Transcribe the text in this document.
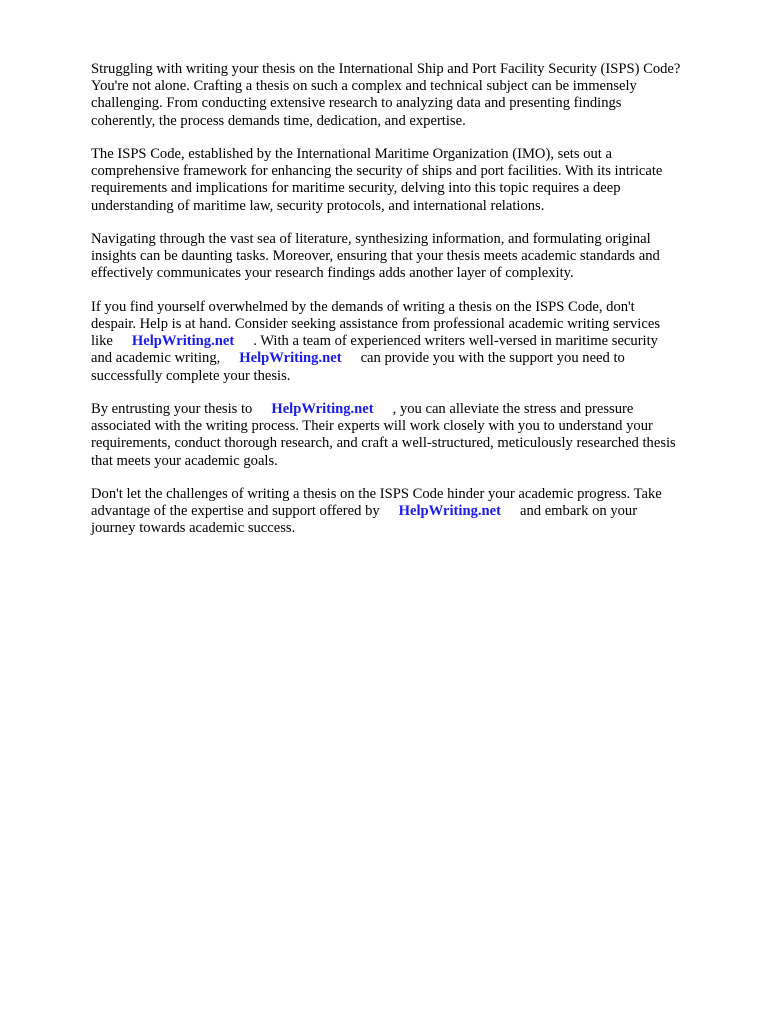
Struggling with writing your thesis on the International Ship and Port Facility Security (ISPS) Code?
You're not alone. Crafting a thesis on such a complex and technical subject can be immensely
challenging. From conducting extensive research to analyzing data and presenting findings
coherently, the process demands time, dedication, and expertise.

The ISPS Code, established by the International Maritime Organization (IMO), sets out a
comprehensive framework for enhancing the security of ships and port facilities. With its intricate
requirements and implications for maritime security, delving into this topic requires a deep
understanding of maritime law, security protocols, and international relations.

Navigating through the vast sea of literature, synthesizing information, and formulating original
insights can be daunting tasks. Moreover, ensuring that your thesis meets academic standards and
effectively communicates your research findings adds another layer of complexity.

If you find yourself overwhelmed by the demands of writing a thesis on the ISPS Code, don't
despair. Help is at hand. Consider seeking assistance from professional academic writing services
like HelpWriting.net . With a team of experienced writers well-versed in maritime security
and academic writing, HelpWriting.net can provide you with the support you need to
successfully complete your thesis.

By entrusting your thesis to HelpWriting.net , you can alleviate the stress and pressure
associated with the writing process. Their experts will work closely with you to understand your
requirements, conduct thorough research, and craft a well-structured, meticulously researched thesis
that meets your academic goals.

Don't let the challenges of writing a thesis on the ISPS Code hinder your academic progress. Take
advantage of the expertise and support offered by HelpWriting.net and embark on your
journey towards academic success.
